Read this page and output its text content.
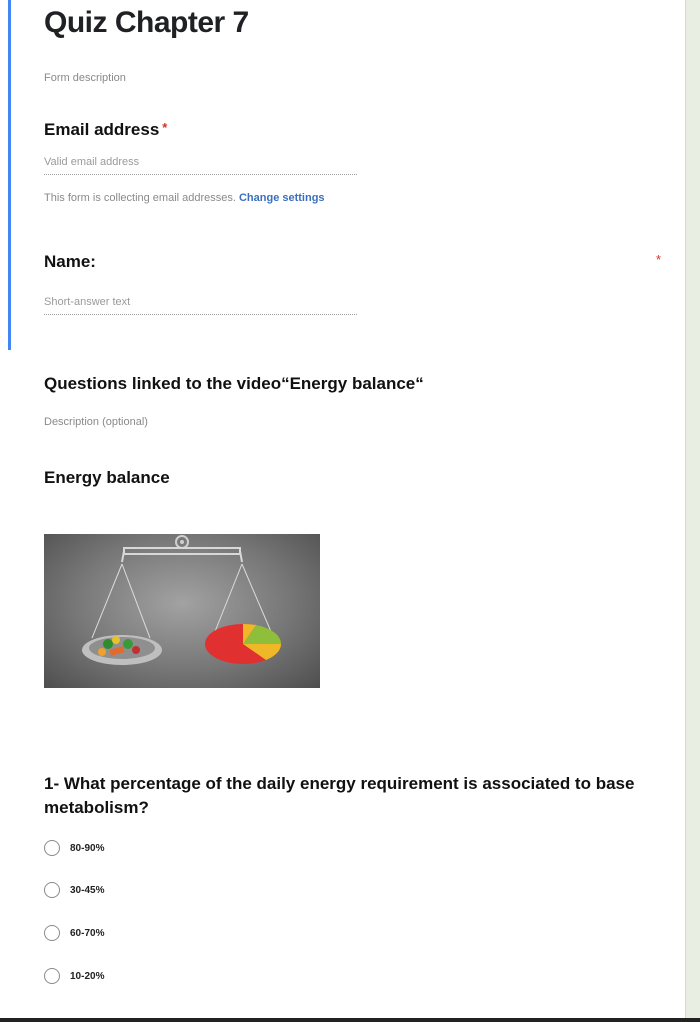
Quiz Chapter 7
Form description
Email address *
Valid email address
This form is collecting email addresses. Change settings
Name:	*
Short-answer text
Questions linked to the video“Energy balance“
Description (optional)
Energy balance
1- What percentage of the daily energy requirement is associated to base metabolism?
80-90%
30-45%
60-70%
10-20%
